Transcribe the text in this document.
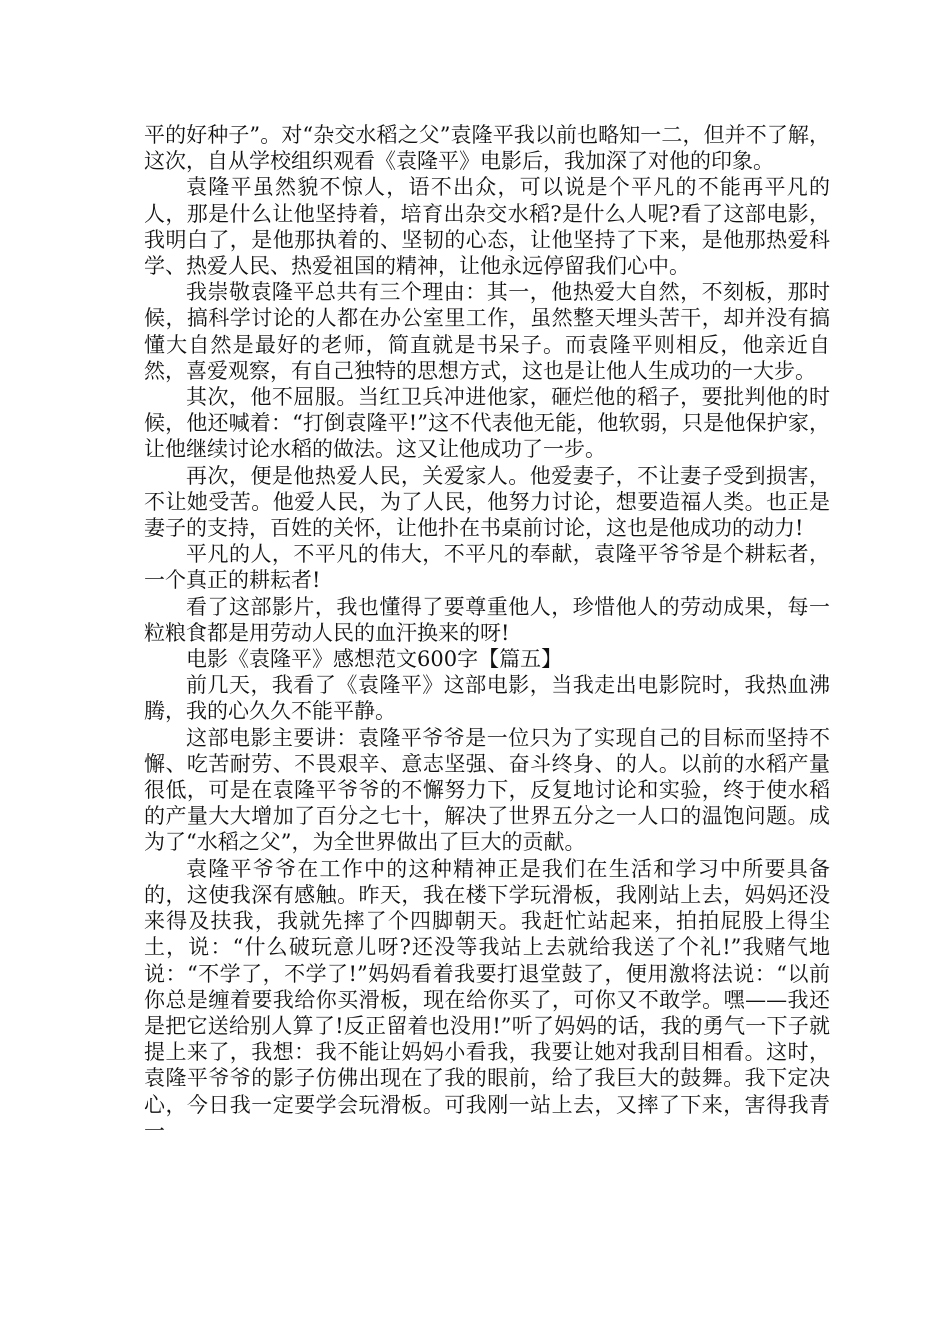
平的好种子”。对“杂交水稻之父”袁隆平我以前也略知一二，但并不了解，这次，自从学校组织观看《袁隆平》电影后，我加深了对他的印象。

袁隆平虽然貌不惊人，语不出众，可以说是个平凡的不能再平凡的人，那是什么让他坚持着，培育出杂交水稻?是什么人呢?看了这部电影，我明白了，是他那执着的、坚韧的心态，让他坚持了下来，是他那热爱科学、热爱人民、热爱祖国的精神，让他永远停留我们心中。

我崇敬袁隆平总共有三个理由：其一，他热爱大自然，不刻板，那时候，搞科学讨论的人都在办公室里工作，虽然整天埋头苦干，却并没有搞懂大自然是最好的老师，简直就是书呆子。而袁隆平则相反，他亲近自然，喜爱观察，有自己独特的思想方式，这也是让他人生成功的一大步。

其次，他不屈服。当红卫兵冲进他家，砸烂他的稻子，要批判他的时候，他还喊着：“打倒袁隆平!”这不代表他无能，他软弱，只是他保护家，让他继续讨论水稻的做法。这又让他成功了一步。

再次，便是他热爱人民，关爱家人。他爱妻子，不让妻子受到损害，不让她受苦。他爱人民，为了人民，他努力讨论，想要造福人类。也正是妻子的支持，百姓的关怀，让他扑在书桌前讨论，这也是他成功的动力!

平凡的人，不平凡的伟大，不平凡的奉献，袁隆平爷爷是个耕耘者，一个真正的耕耘者!

看了这部影片，我也懂得了要尊重他人，珍惜他人的劳动成果，每一粒粮食都是用劳动人民的血汗换来的呀!

电影《袁隆平》感想范文600字【篇五】

前几天，我看了《袁隆平》这部电影，当我走出电影院时，我热血沸腾，我的心久久不能平静。

这部电影主要讲：袁隆平爷爷是一位只为了实现自己的目标而坚持不懈、吃苦耐劳、不畏艰辛、意志坚强、奋斗终身、的人。以前的水稻产量很低，可是在袁隆平爷爷的不懈努力下，反复地讨论和实验，终于使水稻的产量大大增加了百分之七十，解决了世界五分之一人口的温饱问题。成为了“水稻之父”，为全世界做出了巨大的贡献。

袁隆平爷爷在工作中的这种精神正是我们在生活和学习中所要具备的，这使我深有感触。昨天，我在楼下学玩滑板，我刚站上去，妈妈还没来得及扶我，我就先摔了个四脚朝天。我赶忙站起来，拍拍屁股上得尘土，说：“什么破玩意儿呀?还没等我站上去就给我送了个礼!”我赌气地说：“不学了，不学了!”妈妈看着我要打退堂鼓了，便用激将法说：“以前你总是缠着要我给你买滑板，现在给你买了，可你又不敢学。嘿——我还是把它送给别人算了!反正留着也没用!”听了妈妈的话，我的勇气一下子就提上来了，我想：我不能让妈妈小看我，我要让她对我刮目相看。这时，袁隆平爷爷的影子仿佛出现在了我的眼前，给了我巨大的鼓舞。我下定决心，今日我一定要学会玩滑板。可我刚一站上去，又摔了下来，害得我青一
